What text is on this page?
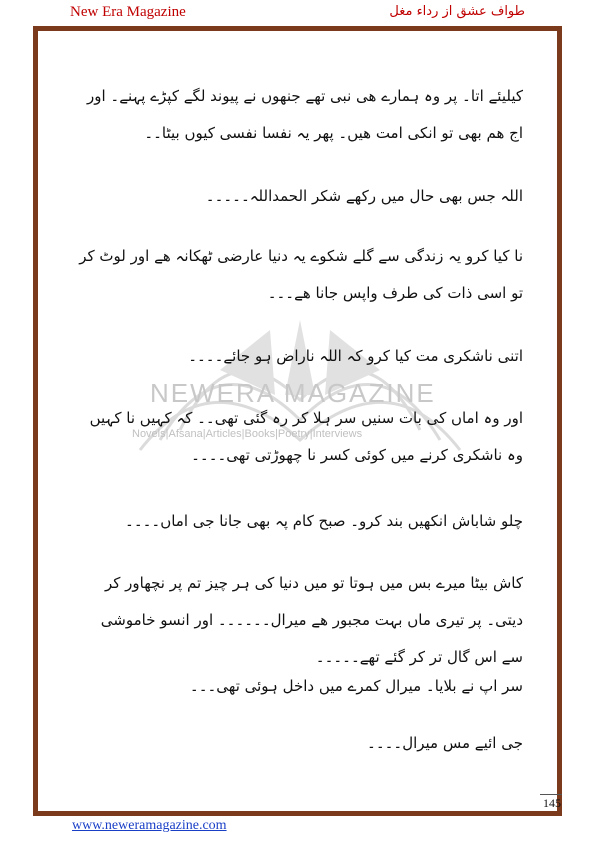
New Era Magazine	طواف عشق از رداء مغل
NEWERA MAGAZINE
Novels|Afsana|Articles|Books|Poetry|Interviews
کیلیئے اتا۔ پر وہ ہمارے ھی نبی تھے جنھوں نے پیوند لگے کپڑے پہنے۔ اور اج ھم بھی تو انکی امت ھیں۔ پھر یہ نفسا نفسی کیوں بیٹا۔۔
اللہ جس بھی حال میں رکھے شکر الحمداللہ۔۔۔۔۔
نا کیا کرو یہ زندگی سے گلے شکوے یہ دنیا عارضی ٹھکانہ ھے اور لوٹ کر تو اسی ذات کی طرف واپس جانا ھے۔۔۔
اتنی ناشکری مت کیا کرو کہ اللہ ناراض ہو جائے۔۔۔۔
اور وہ اماں کی بات سنیں سر ہلا کر رہ گئی تھی۔۔ کہ کہیں نا کہیں وہ ناشکری کرنے میں کوئی کسر نا چھوڑتی تھی۔۔۔۔
چلو شاباش انکھیں بند کرو۔ صبح کام پہ بھی جانا جی اماں۔۔۔۔
کاش بیٹا میرے بس میں ہوتا تو میں دنیا کی ہر چیز تم پر نچھاور کر دیتی۔ پر تیری ماں بہت مجبور ھے میرال۔۔۔۔۔۔ اور انسو خاموشی سے اس گال تر کر گئے تھے۔۔۔۔۔
سر اپ نے بلایا۔ میرال کمرے میں داخل ہوئی تھی۔۔۔
جی ائیے مس میرال۔۔۔۔
145
www.neweramagazine.com
